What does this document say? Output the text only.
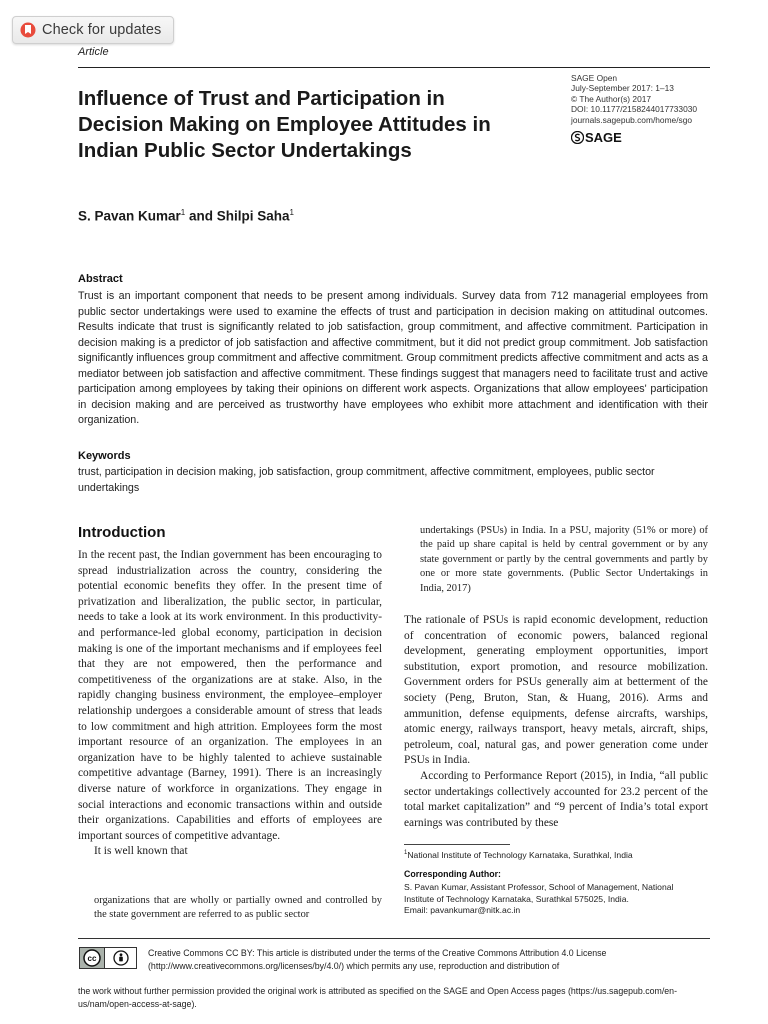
Check for updates
Article
Influence of Trust and Participation in Decision Making on Employee Attitudes in Indian Public Sector Undertakings
SAGE Open
July-September 2017: 1–13
© The Author(s) 2017
DOI: 10.1177/2158244017733030
journals.sagepub.com/home/sgo
SAGE
S. Pavan Kumar$^1$ and Shilpi Saha$^1$
Abstract
Trust is an important component that needs to be present among individuals. Survey data from 712 managerial employees from public sector undertakings were used to examine the effects of trust and participation in decision making on attitudinal outcomes. Results indicate that trust is significantly related to job satisfaction, group commitment, and affective commitment. Participation in decision making is a predictor of job satisfaction and affective commitment, but it did not predict group commitment. Job satisfaction significantly influences group commitment and affective commitment. Group commitment predicts affective commitment and acts as a mediator between job satisfaction and affective commitment. These findings suggest that managers need to facilitate trust and active participation among employees by taking their opinions on different work aspects. Organizations that allow employees' participation in decision making and are perceived as trustworthy have employees who exhibit more attachment and identification with their organization.
Keywords
trust, participation in decision making, job satisfaction, group commitment, affective commitment, employees, public sector undertakings
Introduction

In the recent past, the Indian government has been encouraging to spread industrialization across the country, considering the potential economic benefits they offer. In the present time of privatization and liberalization, the public sector, in particular, needs to take a look at its work environment. In this productivity- and performance-led global economy, participation in decision making is one of the important mechanisms and if employees feel that they are not empowered, then the performance and competitiveness of the organizations are at stake. Also, in the rapidly changing business environment, the employee–employer relationship undergoes a considerable amount of stress that leads to low commitment and high attrition. Employees form the most important resource of an organization. The employees in an organization have to be highly talented to achieve sustainable competitive advantage (Barney, 1991). There is an increasingly diverse nature of workforce in organizations. They engage in social interactions and economic transactions within and outside their organizations. Capabilities and efforts of employees are important sources of competitive advantage.

It is well known that

organizations that are wholly or partially owned and controlled by the state government are referred to as public sector
undertakings (PSUs) in India. In a PSU, majority (51% or more) of the paid up share capital is held by central government or by any state government or partly by the central governments and partly by one or more state governments. (Public Sector Undertakings in India, 2017)

The rationale of PSUs is rapid economic development, reduction of concentration of economic powers, balanced regional development, generating employment opportunities, import substitution, export promotion, and resource mobilization. Government orders for PSUs generally aim at betterment of the society (Peng, Bruton, Stan, & Huang, 2016). Arms and ammunition, defense equipments, defense aircrafts, warships, atomic energy, railways transport, heavy metals, aircraft, ships, petroleum, coal, natural gas, and power generation come under PSUs in India.

According to Performance Report (2015), in India, “all public sector undertakings collectively accounted for 23.2 percent of the total market capitalization” and “9 percent of India’s total export earnings was contributed by these

$^1$National Institute of Technology Karnataka, Surathkal, India
Corresponding Author:
S. Pavan Kumar, Assistant Professor, School of Management, National
Institute of Technology Karnataka, Surathkal 575025, India.
Email: pavankumar@nitk.ac.in
cc
Creative Commons CC BY: This article is distributed under the terms of the Creative Commons Attribution 4.0 License (http://www.creativecommons.org/licenses/by/4.0/) which permits any use, reproduction and distribution of
the work without further permission provided the original work is attributed as specified on the SAGE and Open Access pages (https://us.sagepub.com/en-us/nam/open-access-at-sage).
